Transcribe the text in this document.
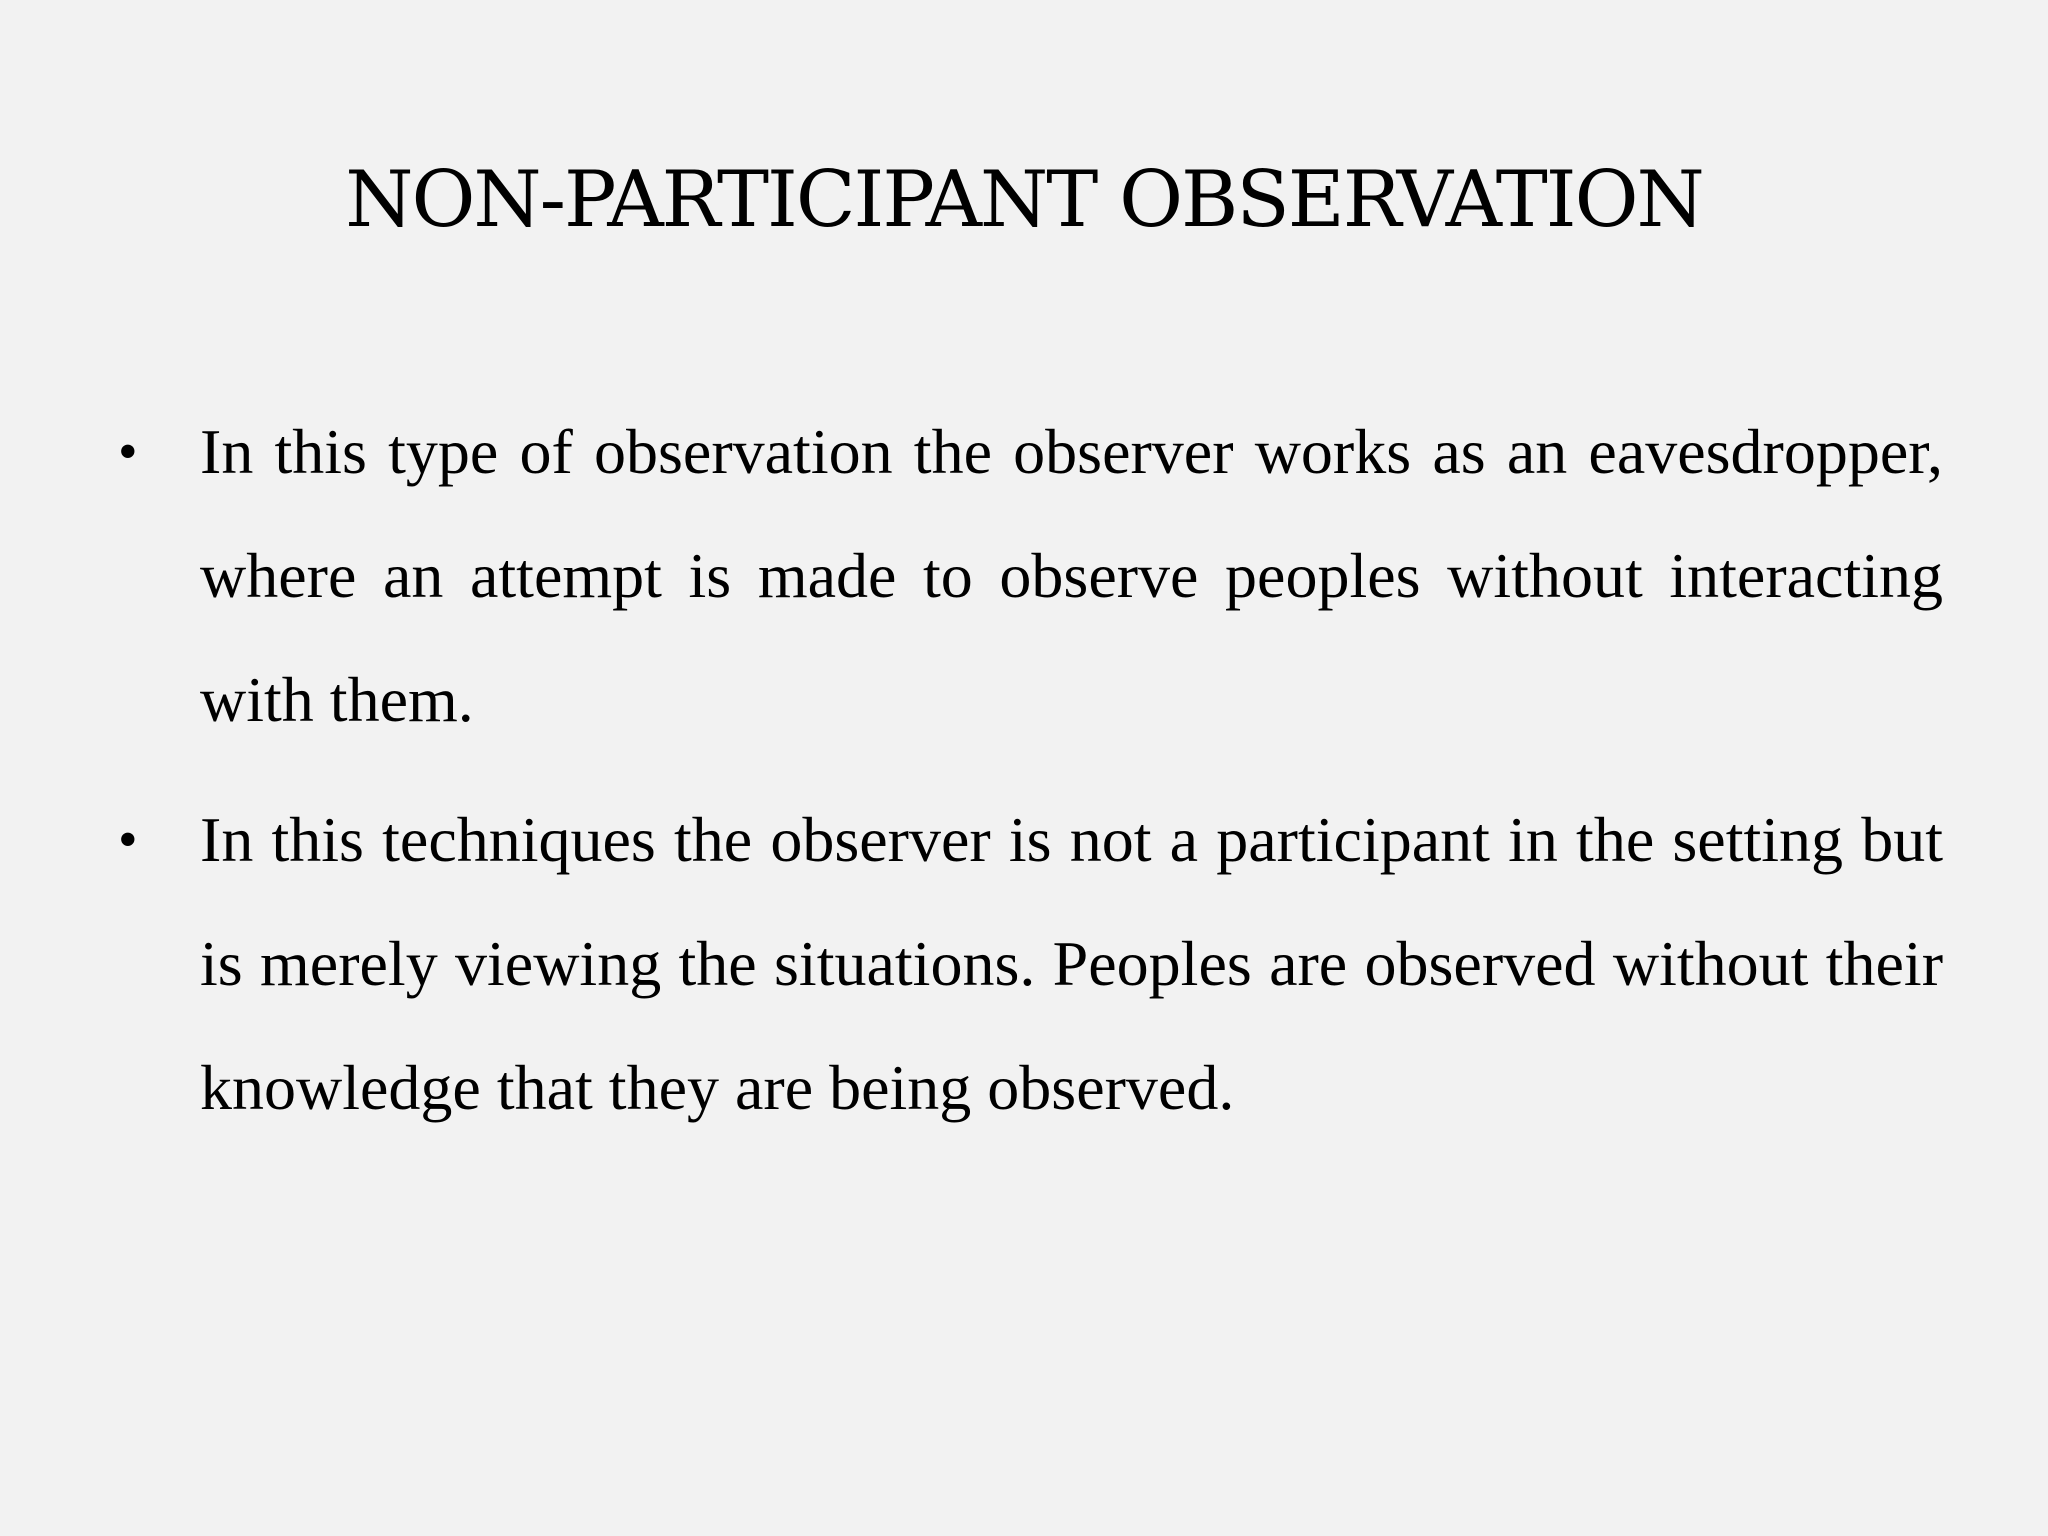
NON-PARTICIPANT OBSERVATION
• In this type of observation the observer works as an eavesdropper, where an attempt is made to observe peoples without interacting with them.
• In this techniques the observer is not a participant in the setting but is merely viewing the situations. Peoples are observed without their knowledge that they are being observed.
